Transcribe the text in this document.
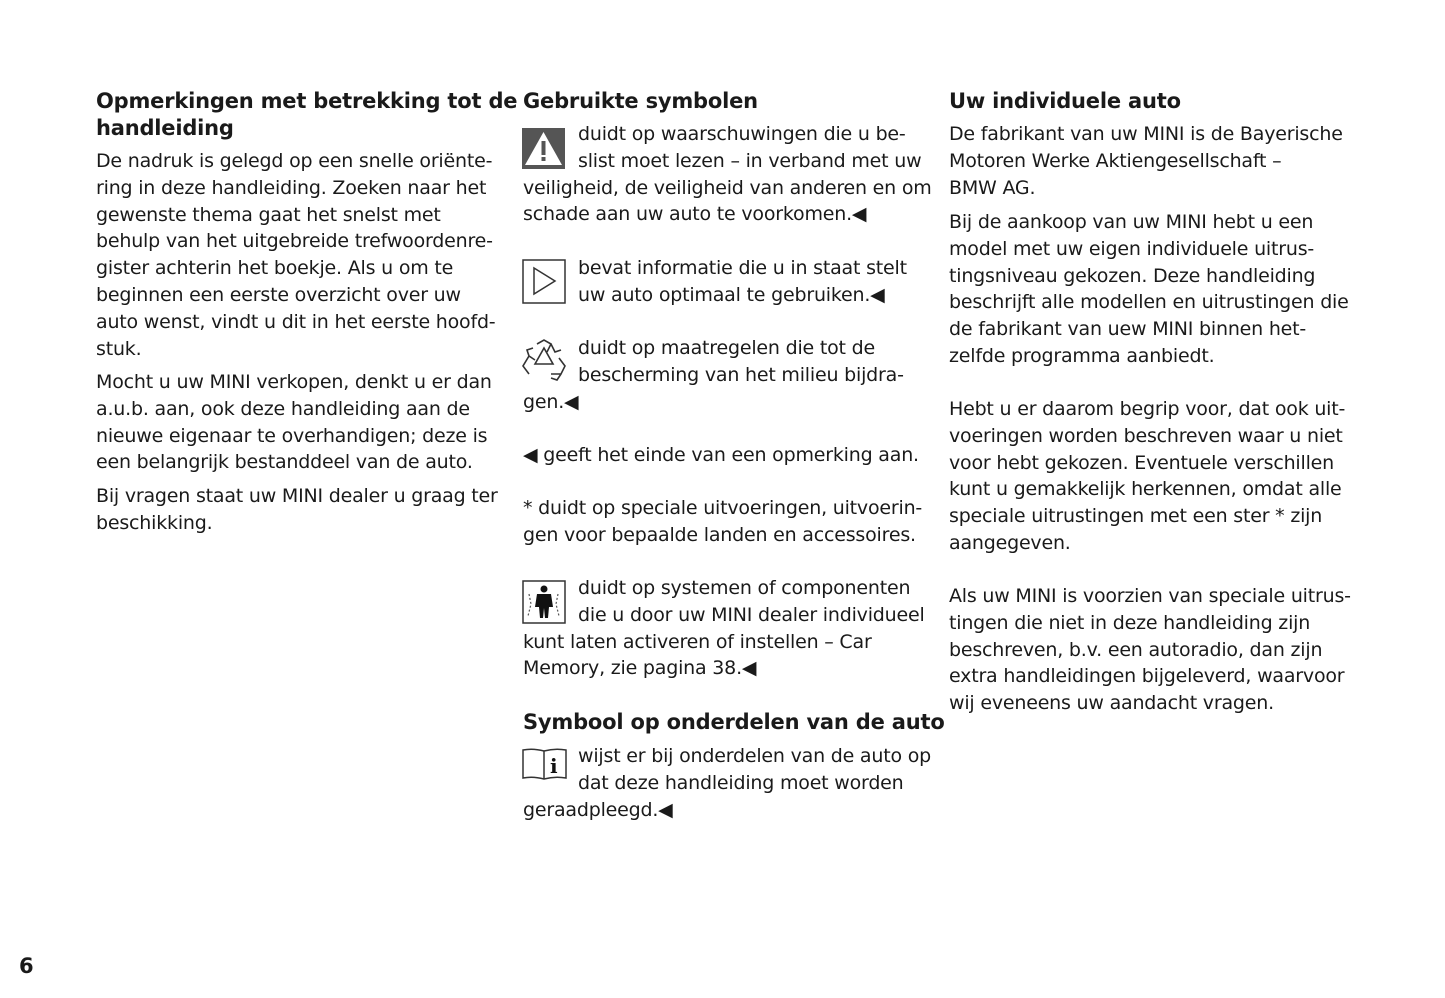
Opmerkingen met betrekking tot de
handleiding
De nadruk is gelegd op een snelle oriënte-
ring in deze handleiding. Zoeken naar het
gewenste thema gaat het snelst met
behulp van het uitgebreide trefwoordenre-
gister achterin het boekje. Als u om te
beginnen een eerste overzicht over uw
auto wenst, vindt u dit in het eerste hoofd-
stuk.
Mocht u uw MINI verkopen, denkt u er dan
a.u.b. aan, ook deze handleiding aan de
nieuwe eigenaar te overhandigen; deze is
een belangrijk bestanddeel van de auto.
Bij vragen staat uw MINI dealer u graag ter
beschikking.
Gebruikte symbolen
duidt op waarschuwingen die u be-
slist moet lezen – in verband met uw
veiligheid, de veiligheid van anderen en om
schade aan uw auto te voorkomen.◀
bevat informatie die u in staat stelt
uw auto optimaal te gebruiken.◀
duidt op maatregelen die tot de
bescherming van het milieu bijdra-
gen.◀
◀ geeft het einde van een opmerking aan.
* duidt op speciale uitvoeringen, uitvoerin-
gen voor bepaalde landen en accessoires.
duidt op systemen of componenten
die u door uw MINI dealer individueel
kunt laten activeren of instellen – Car
Memory, zie pagina 38.◀
Symbool op onderdelen van de auto
i	wijst er bij onderdelen van de auto op
dat deze handleiding moet worden
geraadpleegd.◀
Uw individuele auto
De fabrikant van uw MINI is de Bayerische
Motoren Werke Aktiengesellschaft –
BMW AG.
Bij de aankoop van uw MINI hebt u een
model met uw eigen individuele uitrus-
tingsniveau gekozen. Deze handleiding
beschrijft alle modellen en uitrustingen die
de fabrikant van uew MINI binnen het-
zelfde programma aanbiedt.
Hebt u er daarom begrip voor, dat ook uit-
voeringen worden beschreven waar u niet
voor hebt gekozen. Eventuele verschillen
kunt u gemakkelijk herkennen, omdat alle
speciale uitrustingen met een ster * zijn
aangegeven.
Als uw MINI is voorzien van speciale uitrus-
tingen die niet in deze handleiding zijn
beschreven, b.v. een autoradio, dan zijn
extra handleidingen bijgeleverd, waarvoor
wij eveneens uw aandacht vragen.
6
